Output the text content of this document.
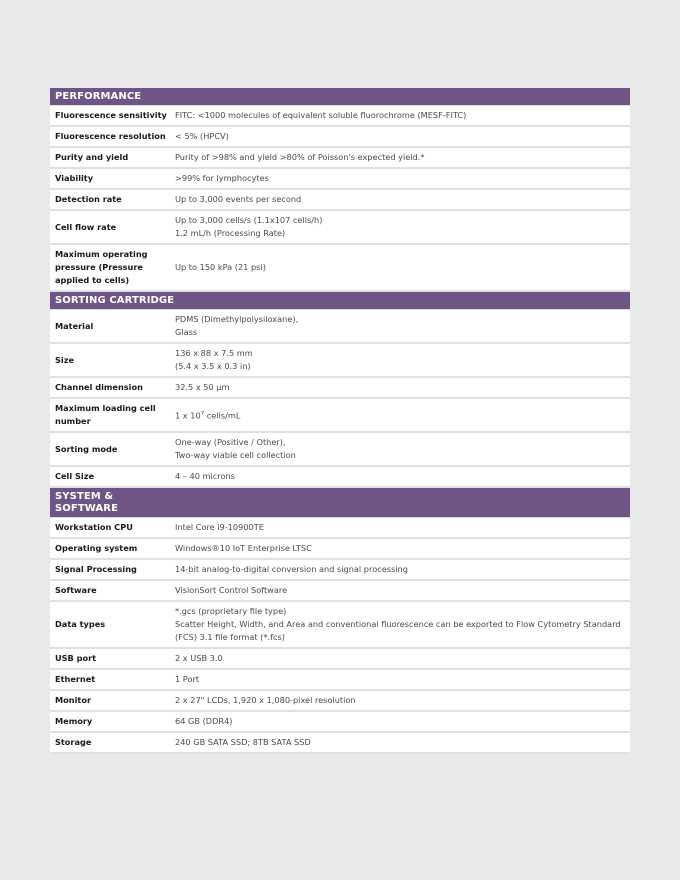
PERFORMANCE	
Fluorescence sensitivity	FITC: <1000 molecules of equivalent soluble fluorochrome (MESF-FITC)

Fluorescence resolution	< 5% (HPCV)

Purity and yield	Purity of >98% and yield >80% of Poisson's expected yield.*

Viability	>99% for lymphocytes

Detection rate	Up to 3,000 events per second

Cell flow rate	Up to 3,000 cells/s (1.1x107 cells/h)
1.2 mL/h (Processing Rate)

Maximum operating pressure (Pressure applied to cells)	Up to 150 kPa (21 psi)

SORTING CARTRIDGE	
Material	PDMS (Dimethylpolysiloxane),
Glass

Size	136 x 88 x 7.5 mm
(5.4 x 3.5 x 0.3 in)

Channel dimension	32.5 x 50 µm

Maximum loading cell number	1 x $10^7$ cells/mL
Sorting mode	One-way (Positive / Other),
Two-way viable cell collection

Cell Size	4 – 40 microns

SYSTEM & SOFTWARE	
Workstation CPU	Intel Core i9-10900TE

Operating system	Windows®10 IoT Enterprise LTSC

Signal Processing	14-bit analog-to-digital conversion and signal processing

Software	VisionSort Control Software

Data types	*.gcs (proprietary file type)
Scatter Height, Width, and Area and conventional fluorescence can be exported to Flow Cytometry Standard (FCS) 3.1 file format (*.fcs)

USB port	2 x USB 3.0

Ethernet	1 Port

Monitor	2 x 27" LCDs, 1,920 x 1,080-pixel resolution

Memory	64 GB (DDR4)

Storage	240 GB SATA SSD; 8TB SATA SSD
